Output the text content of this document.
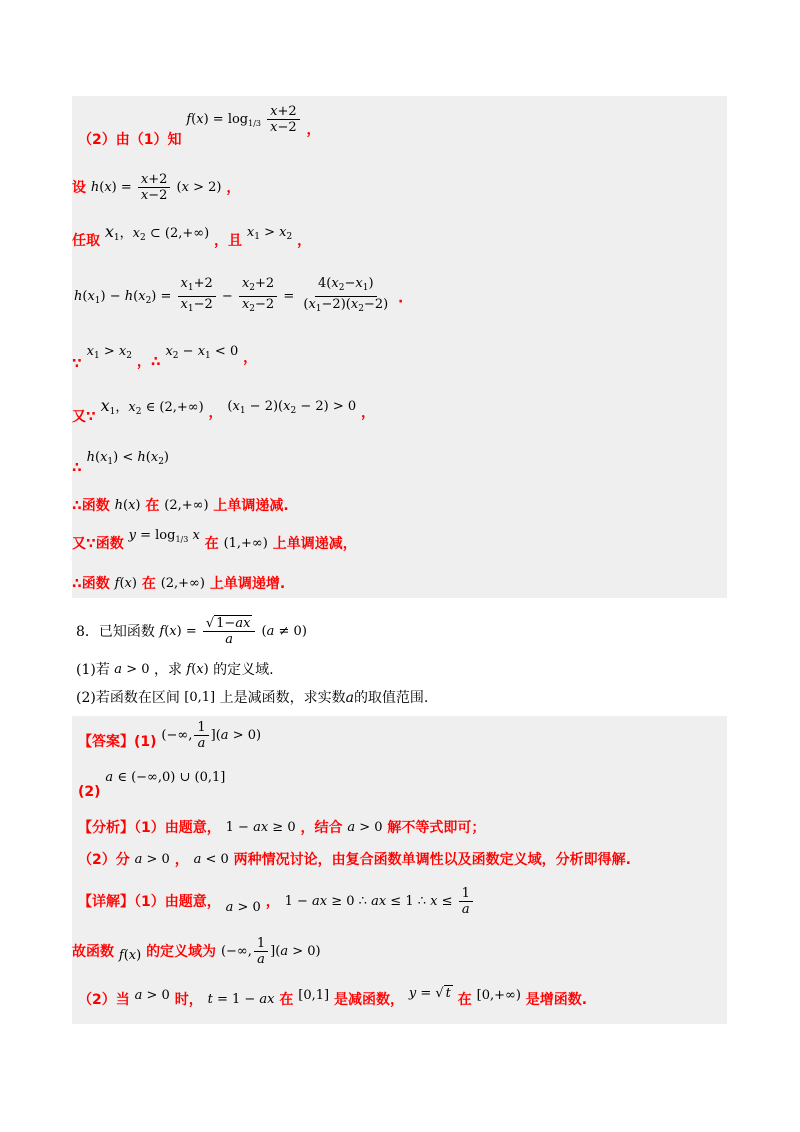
（2）由（1）知 $f(x) = \log_{1/3} \frac{x+2}{x-2}$ ，
设 $h(x) = \frac{x+2}{x-2} (x > 2)$ ，
任取 $x_1$，$x_2$ ⊂ (2,+∞) ，且 $x_1 > x_2$ ，
$h(x_1) - h(x_2) = \frac{x_1+2}{x_1-2} - \frac{x_2+2}{x_2-2} = \frac{4(x_2-x_1)}{(x_1-2)(x_2-2)}$ .
∵ $x_1 > x_2$ ，∴ $x_2 - x_1 < 0$ ，
又∵ $x_1$，$x_2$ ∈ (2,+∞) ， $(x_1 - 2)(x_2 - 2) > 0$ ，
∴ $h(x_1) < h(x_2)$
∴函数 h(x) 在 (2,+∞) 上单调递减.
又∵函数 $y = \log_{1/3} x$ 在 (1,+∞) 上单调递减，
∴函数 f(x) 在 (2,+∞) 上单调递增.
8．已知函数 $f(x) = \frac{√ 1-ax}{a} (a \ne 0)$
(1)若 a > 0 ，求 f(x) 的定义域.
(2)若函数在区间 [0,1] 上是减函数，求实数a的取值范围.
【答案】(1) (−∞, $\frac{1}{a} ](a > 0)$
(2) a ∈ (−∞,0) ∪ (0,1]
【分析】（1）由题意， 1 − ax ≥ 0 ，结合 a > 0 解不等式即可；
（2）分 a > 0 ， a < 0 两种情况讨论，由复合函数单调性以及函数定义域，分析即得解.
【详解】（1）由题意， a > 0 ， 1 − ax ≥ 0 ∴ ax ≤ 1 ∴ $x \le \frac{1}{a}$
故函数 f(x) 的定义域为 (−∞, $\frac{1}{a} ](a > 0)$
（2）当 a > 0 时， t = 1 − ax 在 [0,1] 是减函数， y = √ t 在 [0,+∞) 是增函数.
